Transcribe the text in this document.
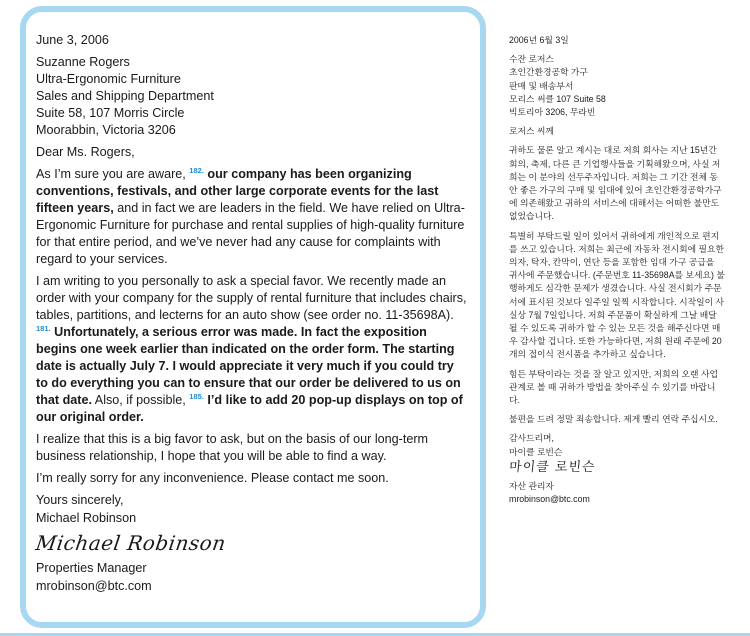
June 3, 2006

Suzanne Rogers
Ultra-Ergonomic Furniture
Sales and Shipping Department
Suite 58, 107 Morris Circle
Moorabbin, Victoria 3206

Dear Ms. Rogers,

As I’m sure you are aware, $^{182.}$ our company has been organizing conventions, festivals, and other large corporate events for the last fifteen years, and in fact we are leaders in the field. We have relied on Ultra-Ergonomic Furniture for purchase and rental supplies of high-quality furniture for that entire period, and we’ve never had any cause for complaints with regard to your services.

I am writing to you personally to ask a special favor. We recently made an order with your company for the supply of rental furniture that includes chairs, tables, partitions, and lecterns for an auto show (see order no. 11-35698A). $^{181.}$ Unfortunately, a serious error was made. In fact the exposition begins one week earlier than indicated on the order form. The starting date is actually July 7. I would appreciate it very much if you could try to do everything you can to ensure that our order be delivered to us on that date. Also, if possible, $^{185.}$ I’d like to add 20 pop-up displays on top of our original order.

I realize that this is a big favor to ask, but on the basis of our long-term business relationship, I hope that you will be able to find a way.

I’m really sorry for any inconvenience. Please contact me soon.

Yours sincerely,

Michael Robinson

Michael Robinson

Properties Manager

mrobinson@btc.com

2006년 6월 3일

수잔 로저스
초인간환경공학 가구
판매 및 배송부서
모리스 써클 107 Suite 58
빅토리아 3206, 무라빈

로저스 씨께

귀하도 물론 알고 계시는 대로 저희 회사는 지난 15년간 회의, 축제, 다른 큰 기업행사들을 기획해왔으며, 사실 저희는 이 분야의 선두주자입니다. 저희는 그 기간 전체 동안 좋은 가구의 구매 및 임대에 있어 초인간환경공학가구에 의존해왔고 귀하의 서비스에 대해서는 어떠한 불만도 없었습니다.

특별히 부탁드릴 일이 있어서 귀하에게 개인적으로 편지를 쓰고 있습니다. 저희는 최근에 자동차 전시회에 필요한 의자, 탁자, 칸막이, 연단 등을 포함한 임대 가구 공급을 귀사에 주문했습니다. (주문번호 11-35698A를 보세요) 불행하게도 심각한 문제가 생겼습니다. 사실 전시회가 주문서에 표시된 것보다 일주일 일찍 시작합니다. 시작일이 사실상 7월 7일입니다. 저희 주문품이 확실하게 그날 배달될 수 있도록 귀하가 할 수 있는 모든 것을 해주신다면 매우 감사할 겁니다. 또한 가능하다면, 저희 원래 주문에 20개의 접이식 전시품을 추가하고 싶습니다.

힘든 부탁이라는 것을 잘 알고 있지만, 저희의 오랜 사업관계로 볼 때 귀하가 방법을 찾아주실 수 있기를 바랍니다.

불편을 드려 정말 죄송합니다. 제게 빨리 연락 주십시오.

감사드리며,

마이클 로빈슨

마이클 로빈슨

자산 관리자

mrobinson@btc.com
